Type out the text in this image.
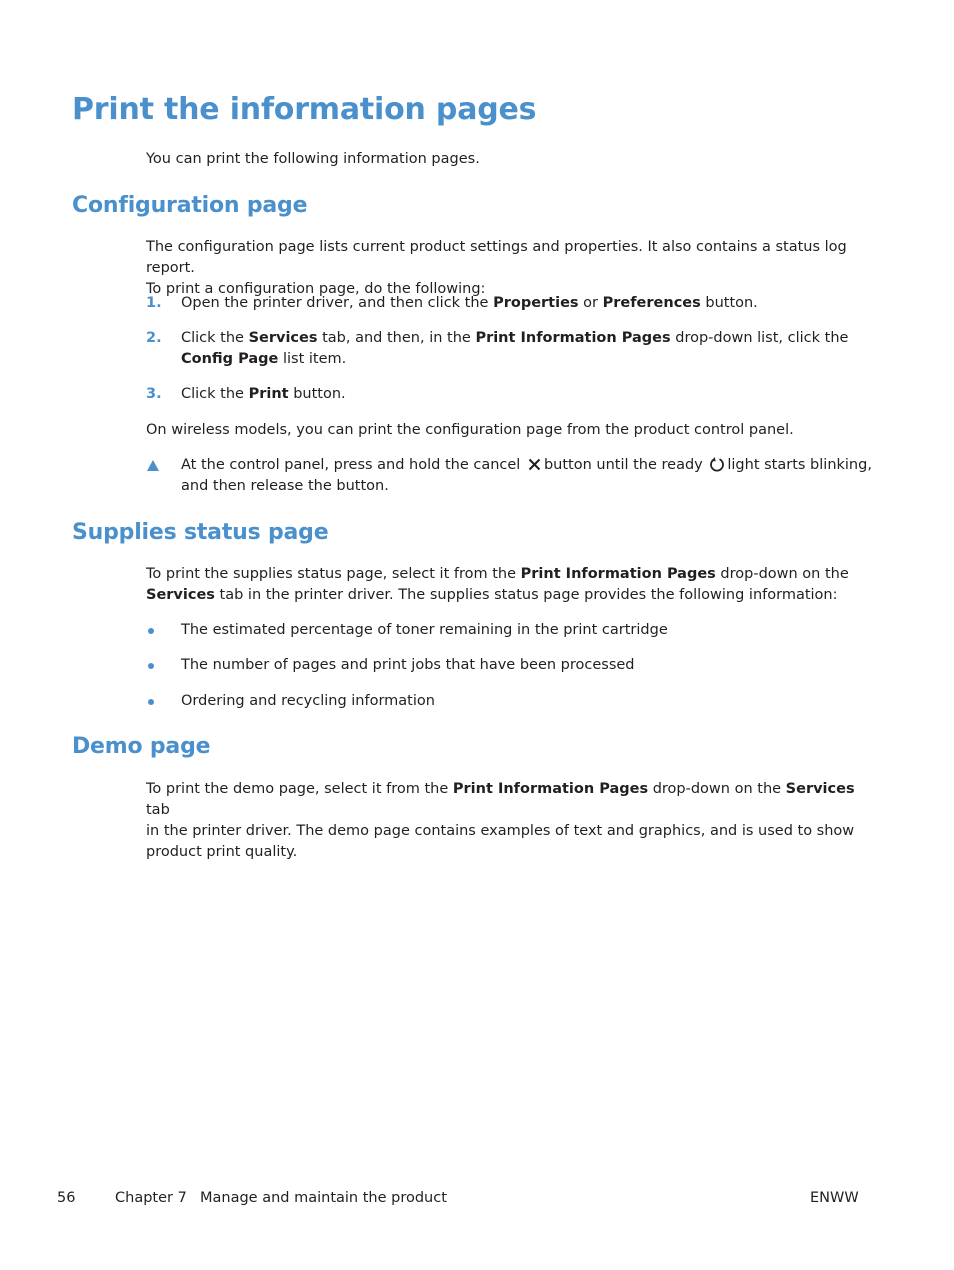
Print the information pages

You can print the following information pages.

Configuration page
The configuration page lists current product settings and properties. It also contains a status log report.
To print a configuration page, do the following:

1. Open the printer driver, and then click the Properties or Preferences button.

2. Click the Services tab, and then, in the Print Information Pages drop-down list, click the
Config Page list item.

3. Click the Print button.

On wireless models, you can print the configuration page from the product control panel.

At the control panel, press and hold the cancel button until the ready light starts blinking,
and then release the button.
Supplies status page
To print the supplies status page, select it from the Print Information Pages drop-down on the
Services tab in the printer driver. The supplies status page provides the following information:

The estimated percentage of toner remaining in the print cartridge

The number of pages and print jobs that have been processed

Ordering and recycling information

Demo page
To print the demo page, select it from the Print Information Pages drop-down on the Services tab
in the printer driver. The demo page contains examples of text and graphics, and is used to show
product print quality.

56	Chapter 7 Manage and maintain the product	ENWW
